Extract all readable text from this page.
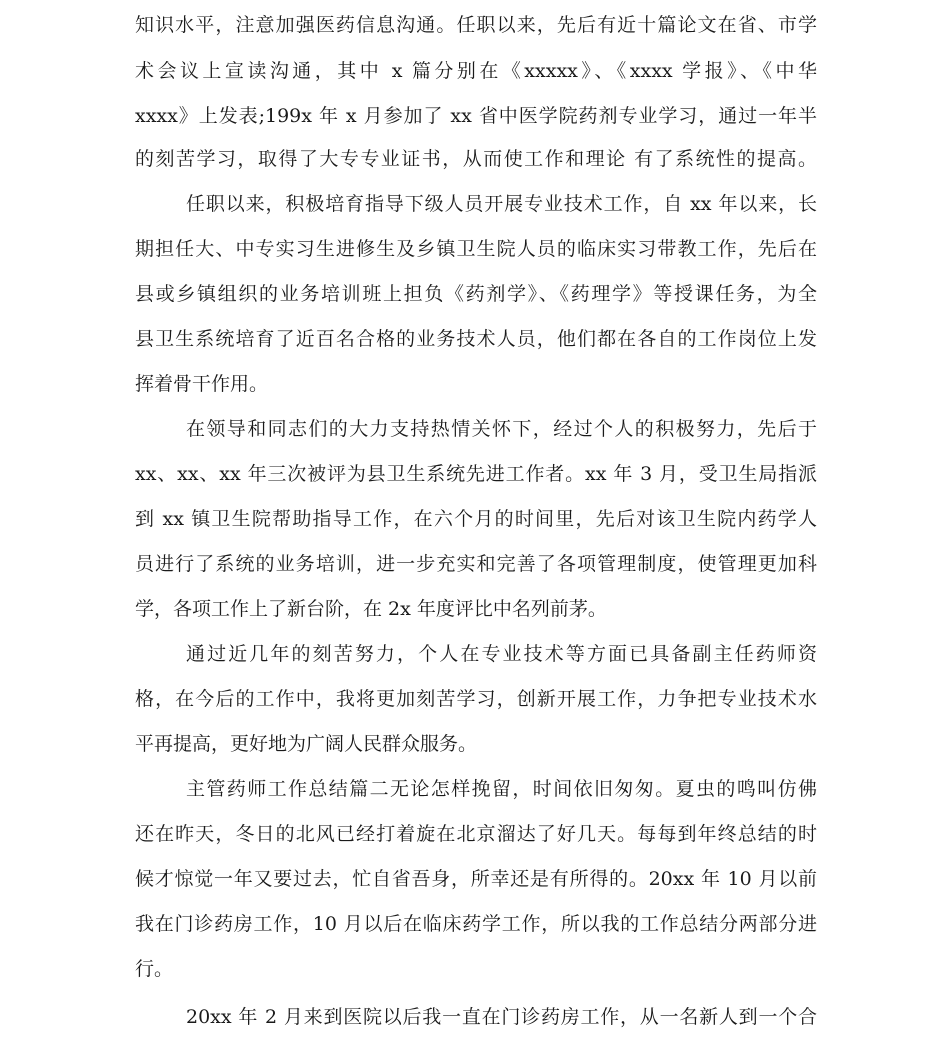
知识水平，注意加强医药信息沟通。任职以来，先后有近十篇论文在省、市学
术会议上宣读沟通，其中 x 篇分别在《xxxxx》、《xxxx 学报》、《中华
xxxx》上发表;199x 年 x 月参加了 xx 省中医学院药剂专业学习，通过一年半
的刻苦学习，取得了大专专业证书，从而使工作和理论 有了系统性的提高。
任职以来，积极培育指导下级人员开展专业技术工作，自 xx 年以来，长
期担任大、中专实习生进修生及乡镇卫生院人员的临床实习带教工作，先后在
县或乡镇组织的业务培训班上担负《药剂学》、《药理学》等授课任务，为全
县卫生系统培育了近百名合格的业务技术人员，他们都在各自的工作岗位上发
挥着骨干作用。
在领导和同志们的大力支持热情关怀下，经过个人的积极努力，先后于
xx、xx、xx 年三次被评为县卫生系统先进工作者。xx 年 3 月，受卫生局指派
到 xx 镇卫生院帮助指导工作，在六个月的时间里，先后对该卫生院内药学人
员进行了系统的业务培训，进一步充实和完善了各项管理制度，使管理更加科
学，各项工作上了新台阶，在 2x 年度评比中名列前茅。
通过近几年的刻苦努力，个人在专业技术等方面已具备副主任药师资
格，在今后的工作中，我将更加刻苦学习，创新开展工作，力争把专业技术水
平再提高，更好地为广阔人民群众服务。
主管药师工作总结篇二无论怎样挽留，时间依旧匆匆。夏虫的鸣叫仿佛
还在昨天，冬日的北风已经打着旋在北京溜达了好几天。每每到年终总结的时
候才惊觉一年又要过去，忙自省吾身，所幸还是有所得的。20xx 年 10 月以前
我在门诊药房工作，10 月以后在临床药学工作，所以我的工作总结分两部分进
行。
20xx 年 2 月来到医院以后我一直在门诊药房工作，从一名新人到一个合
